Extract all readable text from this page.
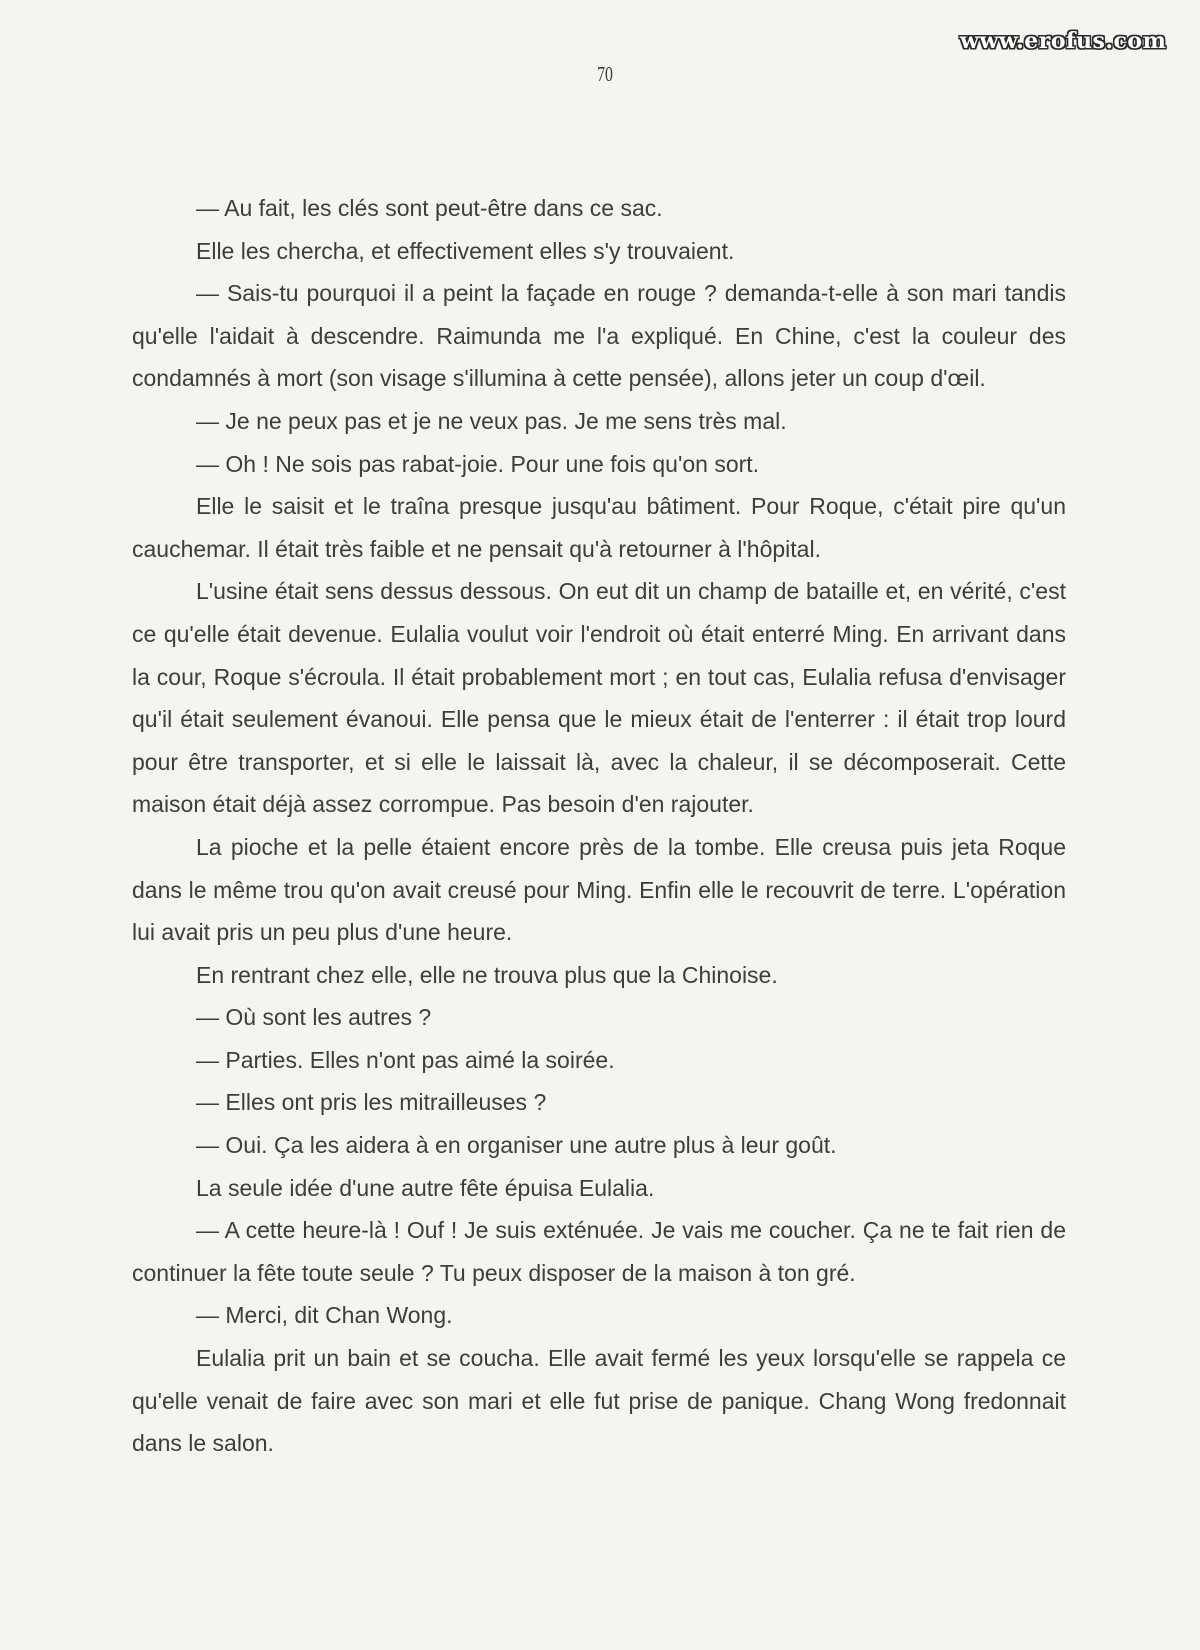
www.erofus.com
70

— Au fait, les clés sont peut-être dans ce sac.

Elle les chercha, et effectivement elles s'y trouvaient.

— Sais-tu pourquoi il a peint la façade en rouge ? demanda-t-elle à son mari tandis qu'elle l'aidait à descendre. Raimunda me l'a expliqué. En Chine, c'est la couleur des condamnés à mort (son visage s'illumina à cette pensée), allons jeter un coup d'œil.

— Je ne peux pas et je ne veux pas. Je me sens très mal.

— Oh ! Ne sois pas rabat-joie. Pour une fois qu'on sort.

Elle le saisit et le traîna presque jusqu'au bâtiment. Pour Roque, c'était pire qu'un cauchemar. Il était très faible et ne pensait qu'à retourner à l'hôpital.

L'usine était sens dessus dessous. On eut dit un champ de bataille et, en vérité, c'est ce qu'elle était devenue. Eulalia voulut voir l'endroit où était enterré Ming. En arrivant dans la cour, Roque s'écroula. Il était probablement mort ; en tout cas, Eulalia refusa d'envisager qu'il était seulement évanoui. Elle pensa que le mieux était de l'enterrer : il était trop lourd pour être transporter, et si elle le laissait là, avec la chaleur, il se décomposerait. Cette maison était déjà assez corrompue. Pas besoin d'en rajouter.

La pioche et la pelle étaient encore près de la tombe. Elle creusa puis jeta Roque dans le même trou qu'on avait creusé pour Ming. Enfin elle le recouvrit de terre. L'opération lui avait pris un peu plus d'une heure.

En rentrant chez elle, elle ne trouva plus que la Chinoise.

— Où sont les autres ?

— Parties. Elles n'ont pas aimé la soirée.

— Elles ont pris les mitrailleuses ?

— Oui. Ça les aidera à en organiser une autre plus à leur goût.

La seule idée d'une autre fête épuisa Eulalia.

— A cette heure-là ! Ouf ! Je suis exténuée. Je vais me coucher. Ça ne te fait rien de continuer la fête toute seule ? Tu peux disposer de la maison à ton gré.

— Merci, dit Chan Wong.

Eulalia prit un bain et se coucha. Elle avait fermé les yeux lorsqu'elle se rappela ce qu'elle venait de faire avec son mari et elle fut prise de panique. Chang Wong fredonnait dans le salon.
